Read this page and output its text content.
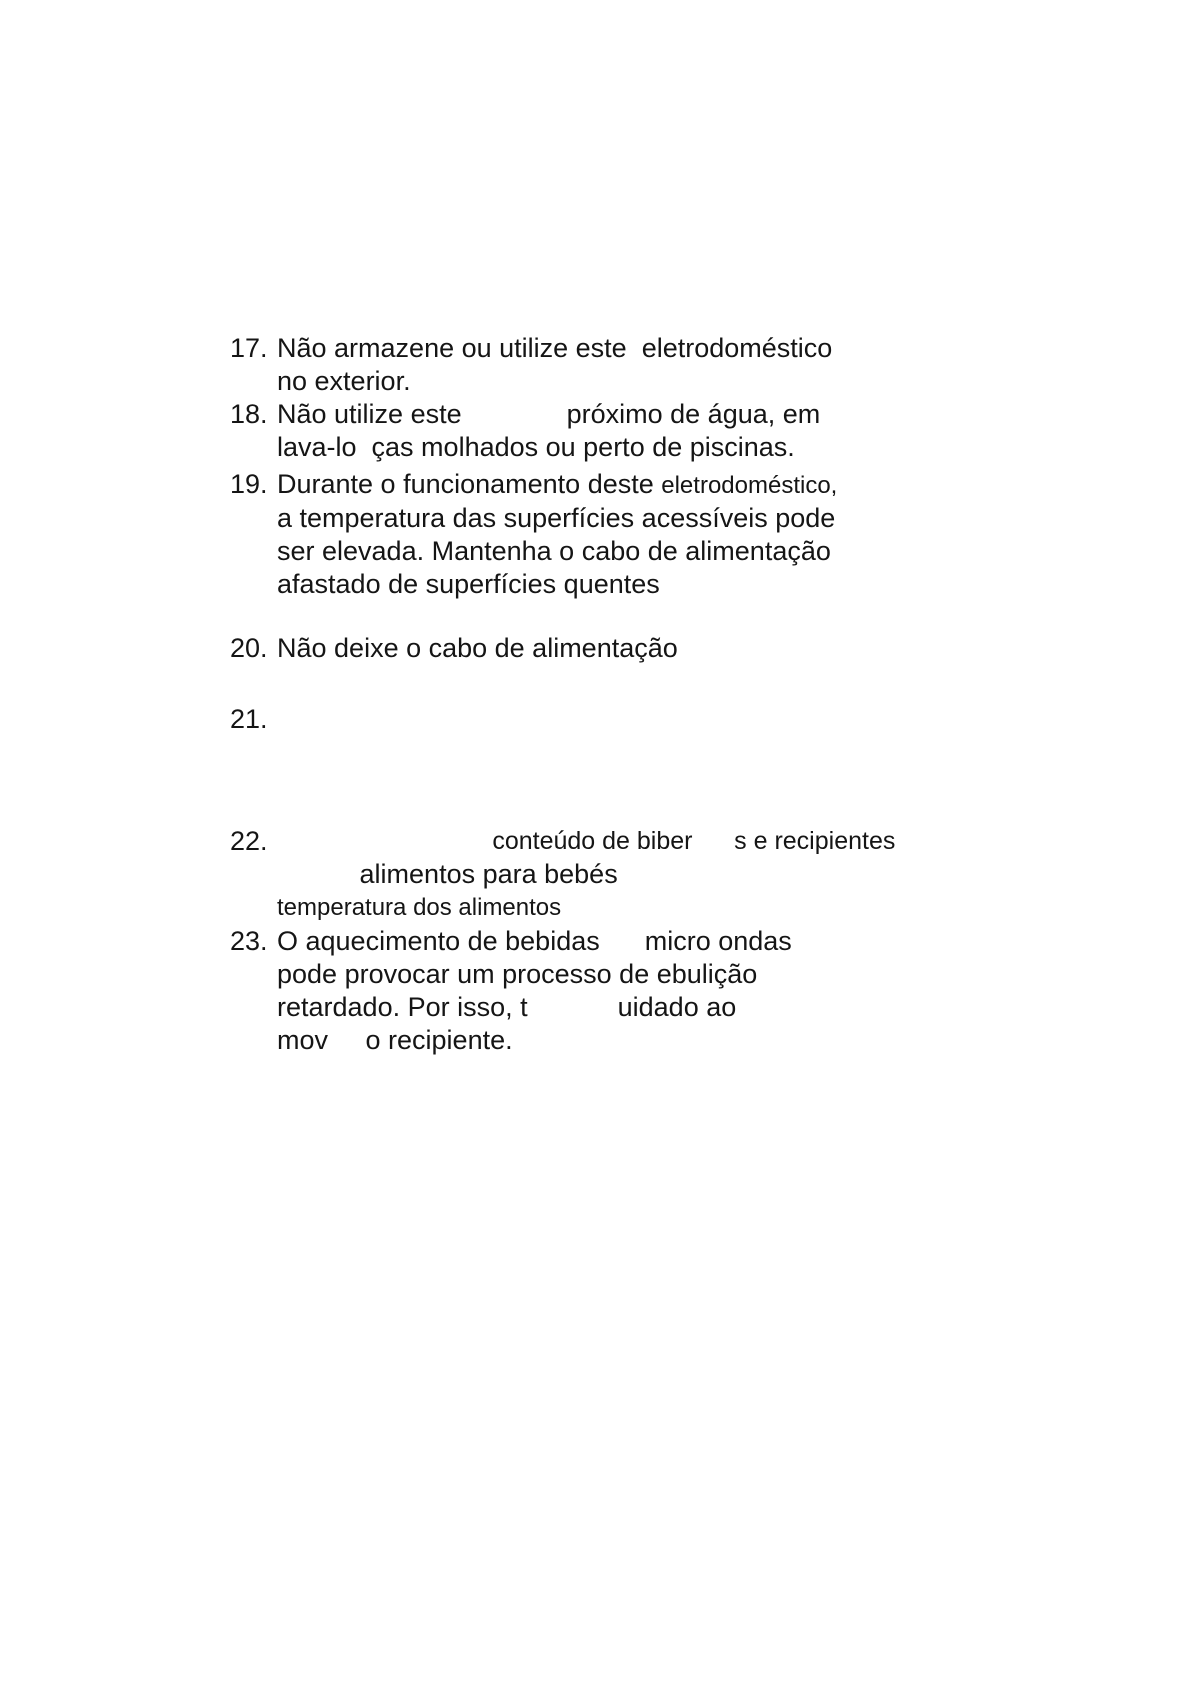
17. Não armazene ou utilize este  eletrodoméstico
no exterior.
18. Não utilize este              próximo de água, em
lava-lo  ças molhados ou perto de piscinas.
19. Durante o funcionamento deste eletrodoméstico,
a temperatura das superfícies acessíveis pode
ser elevada. Mantenha o cabo de alimentação
afastado de superfícies quentes
20. Não deixe o cabo de alimentação
21.
22. conteúdo de biber      s e recipientes
alimentos para bebés
temperatura dos alimentos
23. O aquecimento de bebidas      micro ondas
pode provocar um processo de ebulição
retardado. Por isso, t            uidado ao
mov     o recipiente.
